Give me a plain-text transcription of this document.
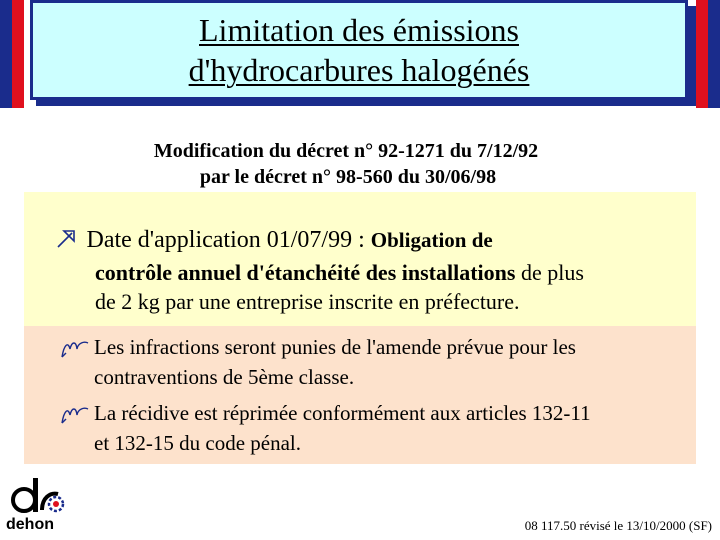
Limitation des émissions
d'hydrocarbures halogénés
Modification du décret n° 92-1271 du 7/12/92
par le décret n° 98-560 du 30/06/98
Date d'application 01/07/99 : Obligation de
contrôle annuel d'étanchéité des installations de plus
de 2 kg par une entreprise inscrite en préfecture.
Les infractions seront punies de l'amende prévue pour les
contraventions de 5ème classe.
La récidive est réprimée conformément aux articles 132-11
et 132-15 du code pénal.
dehon	08 117.50 révisé le 13/10/2000 (SF)
